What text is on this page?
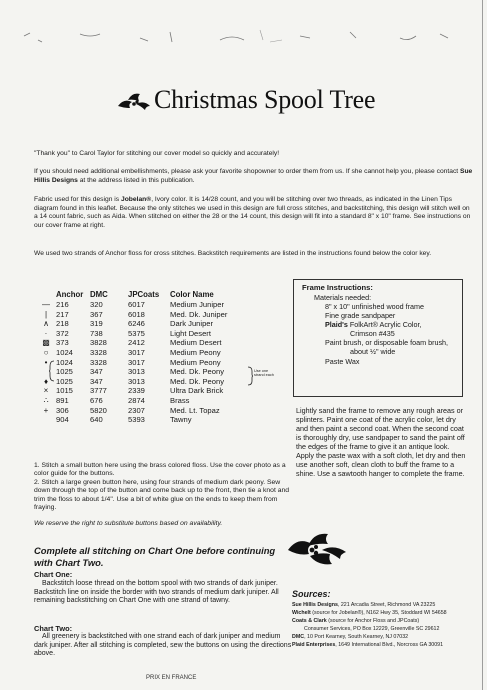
Christmas Spool Tree

"Thank you" to Carol Taylor for stitching our cover model so quickly and accurately!

If you should need additional embellishments, please ask your favorite shopowner to order them from us. If she cannot help you, please contact Sue Hillis Designs at the address listed in this publication.

Fabric used for this design is Jobelan®, Ivory color. It is 14/28 count, and you will be stitching over two threads, as indicated in the Linen Tips diagram found in this leaflet. Because the only stitches we used in this design are full cross stitches, and backstitching, this design will stitch well on a 14 count fabric, such as Aida. When stitched on either the 28 or the 14 count, this design will fit into a standard 8" x 10" frame. See instructions on our cover frame at right.

We used two strands of Anchor floss for cross stitches. Backstitch requirements are listed in the instructions found below the color key.

	Anchor	DMC	JPCoats	Color Name
—	216	320	6017	Medium Juniper
|	217	367	6018	Med. Dk. Juniper
∧	218	319	6246	Dark Juniper
·	372	738	5375	Light Desert
▩	373	3828	2412	Medium Desert
○	1024	3328	3017	Medium Peony
•	1024	3328	3017	Medium Peony
	1025	347	3013	Med. Dk. Peony
♦	1025	347	3013	Med. Dk. Peony
×	1015	3777	2339	Ultra Dark Brick
∴	891	676	2874	Brass
+	306	5820	2307	Med. Lt. Topaz
	904	640	5393	Tawny
Use one strand each
Frame Instructions:
Materials needed:
8" x 10" unfinished wood frame
Fine grade sandpaper
Plaid's FolkArt® Acrylic Color,
Crimson #435
Paint brush, or disposable foam brush,
about ½" wide
Paste Wax

Lightly sand the frame to remove any rough areas or splinters. Paint one coat of the acrylic color, let dry and then paint a second coat. When the second coat is thoroughly dry, use sandpaper to sand the paint off the edges of the frame to give it an antique look. Apply the paste wax with a soft cloth, let dry and then use another soft, clean cloth to buff the frame to a shine. Use a sawtooth hanger to complete the frame.

1. Stitch a small button here using the brass colored floss. Use the cover photo as a color guide for the buttons.

2. Stitch a large green button here, using four strands of medium dark peony. Sew down through the top of the button and come back up to the front, then tie a knot and trim the floss to about 1/4". Use a bit of white glue on the ends to keep them from fraying.

We reserve the right to substitute buttons based on availability.

Complete all stitching on Chart One before continuing with Chart Two.
Chart One:

Backstitch loose thread on the bottom spool with two strands of dark juniper. Backstitch line on inside the border with two strands of medium dark juniper. All remaining backstitching on Chart One with one strand of tawny.

Chart Two:

All greenery is backstitched with one strand each of dark juniper and medium dark juniper. After all stitching is completed, sew the buttons on using the directions above.

Sources:
Sue Hillis Designs, 221 Arcadia Street, Richmond VA 23225
Wichelt (source for Jobelan®), N162 Hwy 35, Stoddard WI 54658
Coats & Clark (source for Anchor Floss and JPCoats)
Consumer Services, PO Box 12229, Greenville SC 29612
DMC, 10 Port Kearney, South Kearney, NJ 07032
Plaid Enterprises, 1649 International Blvd., Norcross GA 30091
PRIX EN FRANCE
